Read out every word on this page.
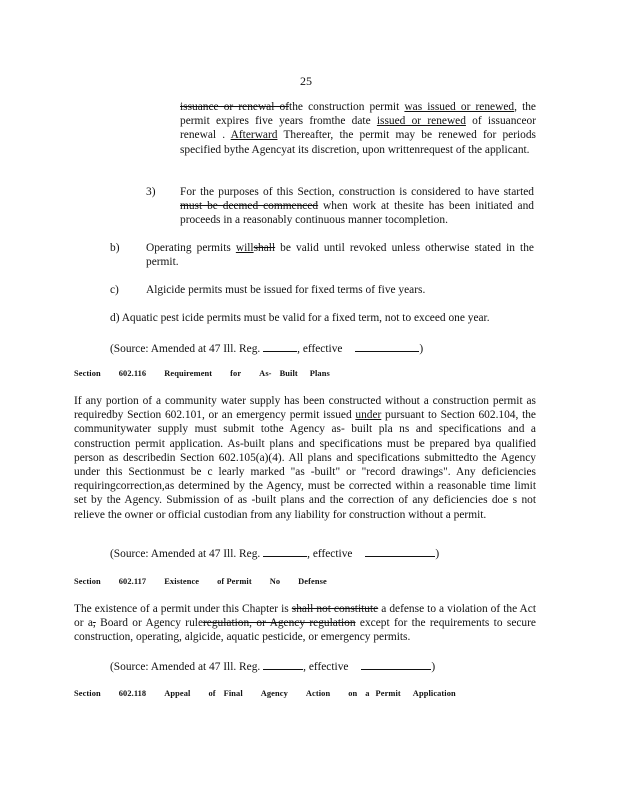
25

issuance or renewal ofthe construction permit was issued or renewed, the permit expires five years fromthe date issued or renewed of issuanceor renewal . Afterward Thereafter, the permit may be renewed for periods specified bythe Agencyat its discretion, upon writtenrequest of the applicant.

3)	For the purposes of this Section, construction is considered to have started must be deemed commenced when work at thesite has been initiated and proceeds in a reasonably continuous manner tocompletion.

b) Operating permits willshall be valid until revoked unless otherwise stated in the permit.

c) Algicide permits must be issued for fixed terms of five years.

d) Aquatic pest icide permits must be valid for a fixed term, not to exceed one year.

(Source: Amended at 47 Ill. Reg.	, effective	)
Section 602.116 Requirement for As- Built Plans

If any portion of a community water supply has been constructed without a construction permit as requiredby Section 602.101, or an emergency permit issued under pursuant to Section 602.104, the communitywater supply must submit tothe Agency as- built pla ns and specifications and a construction permit application. As-built plans and specifications must be prepared bya qualified person as describedin Section 602.105(a)(4). All plans and specifications submittedto the Agency under this Sectionmust be c learly marked "as -built" or "record drawings". Any deficiencies requiringcorrection,as determined by the Agency, must be corrected within a reasonable time limit set by the Agency. Submission of as -built plans and the correction of any deficiencies doe s not relieve the owner or official custodian from any liability for construction without a permit.

(Source: Amended at 47 Ill. Reg.	, effective	)
Section 602.117 Existence of Permit No Defense

The existence of a permit under this Chapter is shall not constitute a defense to a violation of the Act or a, Board or Agency ruleregulation, or Agency regulation except for the requirements to secure construction, operating, algicide, aquatic pesticide, or emergency permits.

(Source: Amended at 47 Ill. Reg.	, effective	)
Section 602.118 Appeal of Final Agency Action on a Permit Application
